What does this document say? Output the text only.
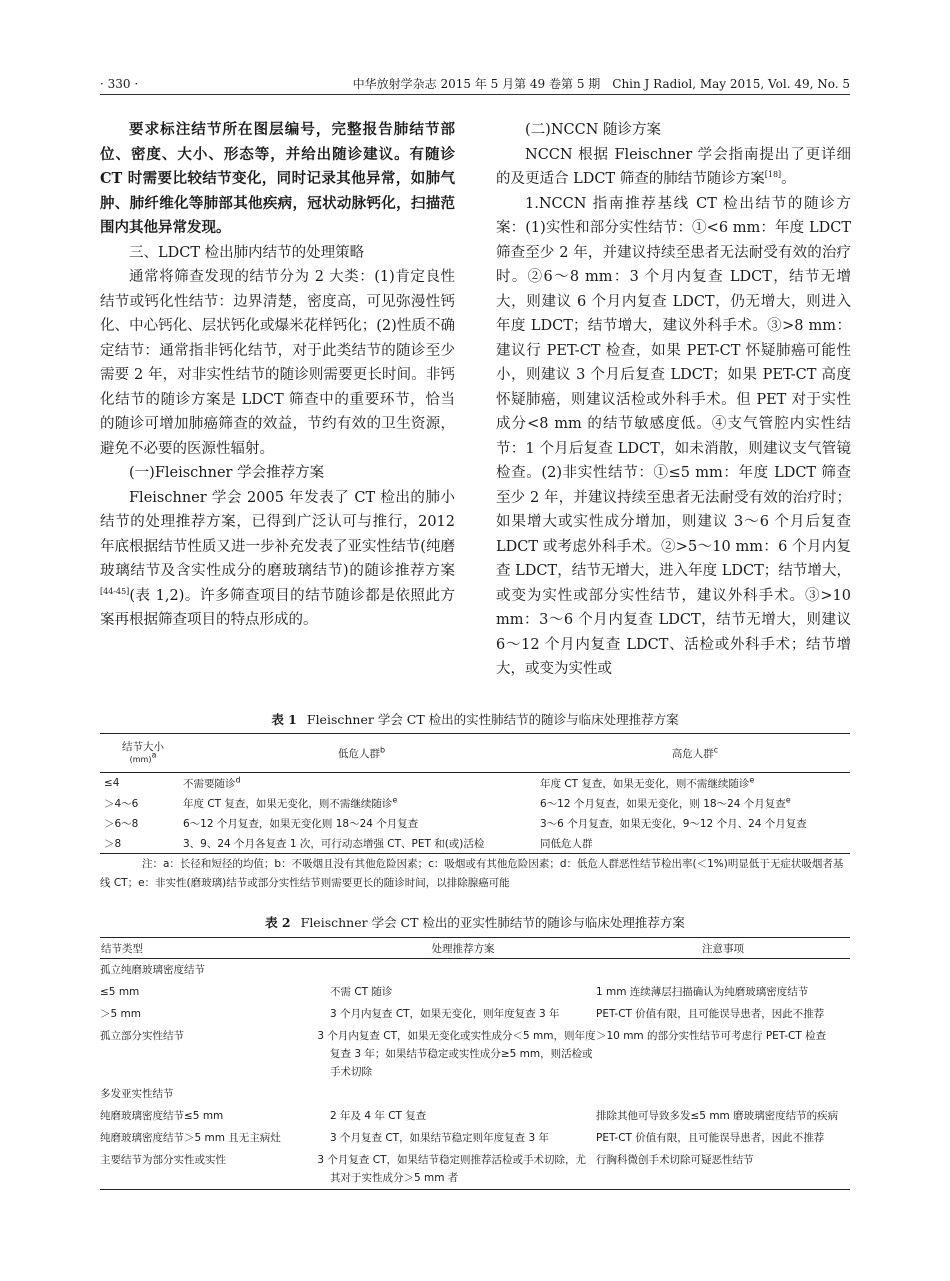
· 330 ·	中华放射学杂志 2015 年 5 月第 49 卷第 5 期　Chin J Radiol, May 2015, Vol. 49, No. 5

要求标注结节所在图层编号，完整报告肺结节部位、密度、大小、形态等，并给出随诊建议。有随诊 CT 时需要比较结节变化，同时记录其他异常，如肺气肿、肺纤维化等肺部其他疾病，冠状动脉钙化，扫描范围内其他异常发现。

三、LDCT 检出肺内结节的处理策略

通常将筛查发现的结节分为 2 大类：(1)肯定良性结节或钙化性结节：边界清楚，密度高，可见弥漫性钙化、中心钙化、层状钙化或爆米花样钙化；(2)性质不确定结节：通常指非钙化结节，对于此类结节的随诊至少需要 2 年，对非实性结节的随诊则需要更长时间。非钙化结节的随诊方案是 LDCT 筛查中的重要环节，恰当的随诊可增加肺癌筛查的效益，节约有效的卫生资源，避免不必要的医源性辐射。

(一)Fleischner 学会推荐方案

Fleischner 学会 2005 年发表了 CT 检出的肺小结节的处理推荐方案，已得到广泛认可与推行，2012 年底根据结节性质又进一步补充发表了亚实性结节(纯磨玻璃结节及含实性成分的磨玻璃结节)的随诊推荐方案[44-45](表 1,2)。许多筛查项目的结节随诊都是依照此方案再根据筛查项目的特点形成的。

(二)NCCN 随诊方案

NCCN 根据 Fleischner 学会指南提出了更详细的及更适合 LDCT 筛查的肺结节随诊方案[18]。

1.NCCN 指南推荐基线 CT 检出结节的随诊方案：(1)实性和部分实性结节：①<6 mm：年度 LDCT 筛查至少 2 年，并建议持续至患者无法耐受有效的治疗时。②6～8 mm：3 个月内复查 LDCT，结节无增大，则建议 6 个月内复查 LDCT，仍无增大，则进入年度 LDCT；结节增大，建议外科手术。③>8 mm：建议行 PET-CT 检查，如果 PET-CT 怀疑肺癌可能性小，则建议 3 个月后复查 LDCT；如果 PET-CT 高度怀疑肺癌，则建议活检或外科手术。但 PET 对于实性成分<8 mm 的结节敏感度低。④支气管腔内实性结节：1 个月后复查 LDCT，如未消散，则建议支气管镜检查。(2)非实性结节：①≤5 mm：年度 LDCT 筛查至少 2 年，并建议持续至患者无法耐受有效的治疗时；如果增大或实性成分增加，则建议 3～6 个月后复查 LDCT 或考虑外科手术。②>5～10 mm：6 个月内复查 LDCT，结节无增大，进入年度 LDCT；结节增大，或变为实性或部分实性结节，建议外科手术。③>10 mm：3～6 个月内复查 LDCT，结节无增大，则建议 6～12 个月内复查 LDCT、活检或外科手术；结节增大，或变为实性或

表 1 Fleischner 学会 CT 检出的实性肺结节的随诊与临床处理推荐方案
结节大小
(mm)$^a$	低危人群$^b$	高危人群$^c$
≤4	不需要随诊$^d$	年度 CT 复查，如果无变化，则不需继续随诊$^e$
＞4～6	年度 CT 复查，如果无变化，则不需继续随诊$^e$	6～12 个月复查，如果无变化，则 18～24 个月复查$^e$
＞6～8	6～12 个月复查，如果无变化则 18～24 个月复查	3～6 个月复查，如果无变化，9～12 个月、24 个月复查
＞8	3、9、24 个月各复查 1 次，可行动态增强 CT、PET 和(或)活检	同低危人群
注：a：长径和短径的均值；b：不吸烟且没有其他危险因素；c：吸烟或有其他危险因素；d：低危人群恶性结节检出率(＜1%)明显低于无症状吸烟者基线 CT；e：非实性(磨玻璃)结节或部分实性结节则需要更长的随诊时间，以排除腺癌可能
表 2 Fleischner 学会 CT 检出的亚实性肺结节的随诊与临床处理推荐方案
结节类型	处理推荐方案	注意事项
孤立纯磨玻璃密度结节		
≤5 mm	不需 CT 随诊	1 mm 连续薄层扫描确认为纯磨玻璃密度结节
＞5 mm	3 个月内复查 CT，如果无变化，则年度复查 3 年	PET-CT 价值有限，且可能误导患者，因此不推荐
孤立部分实性结节	3 个月内复查 CT，如果无变化或实性成分＜5 mm，则年度复查 3 年；如果结节稳定或实性成分≥5 mm，则活检或手术切除	＞10 mm 的部分实性结节可考虑行 PET-CT 检查
多发亚实性结节		
纯磨玻璃密度结节≤5 mm	2 年及 4 年 CT 复查	排除其他可导致多发≤5 mm 磨玻璃密度结节的疾病
纯磨玻璃密度结节＞5 mm 且无主病灶	3 个月复查 CT，如果结节稳定则年度复查 3 年	PET-CT 价值有限，且可能误导患者，因此不推荐
主要结节为部分实性或实性	3 个月复查 CT，如果结节稳定则推荐活检或手术切除，尤其对于实性成分＞5 mm 者	行胸科微创手术切除可疑恶性结节
